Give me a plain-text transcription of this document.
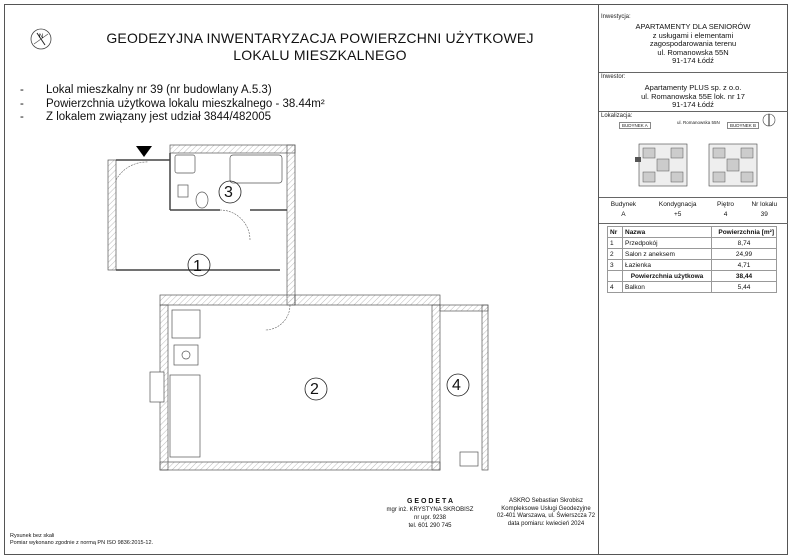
N	GEODEZYJNA INWENTARYZACJA POWIERZCHNI UŻYTKOWEJ
LOKALU MIESZKALNEGO
- Lokal mieszkalny nr 39 (nr budowlany A.5.3)
- Powierzchnia użytkowa lokalu mieszkalnego - 38.44m²
- Z lokalem związany jest udział 3844/482005
3
1
2	4
Inwestycja:
APARTAMENTY DLA SENIORÓW
z usługami i elementami
zagospodarowania terenu
ul. Romanowska 55N
91-174 Łódź
Inwestor:
Apartamenty PLUS sp. z o.o.
ul. Romanowska 55E lok. nr 17
91-174 Łódź
Lokalizacja:
ul. Romanowska 55N
BUDYNEK A	BUDYNEK B
Budynek	Kondygnacja	Piętro	Nr lokalu
A	+5	4	39
Nr	Nazwa	Powierzchnia [m²]
1	Przedpokój	8,74
2	Salon z aneksem	24,99
3	Łazienka	4,71
	Powierzchnia użytkowa	38,44
4	Balkon	5,44
G E O D E T A
mgr inż. KRYSTYNA SKROBISZ
nr upr. 9238
tel. 601 290 745
ASKRO Sebastian Skrobisz
Kompleksowe Usługi Geodezyjne
02-401 Warszawa, ul. Świerszcza 72
data pomiaru: kwiecień 2024
Rysunek bez skali
Pomiar wykonano zgodnie z normą PN ISO 9836:2015-12.
